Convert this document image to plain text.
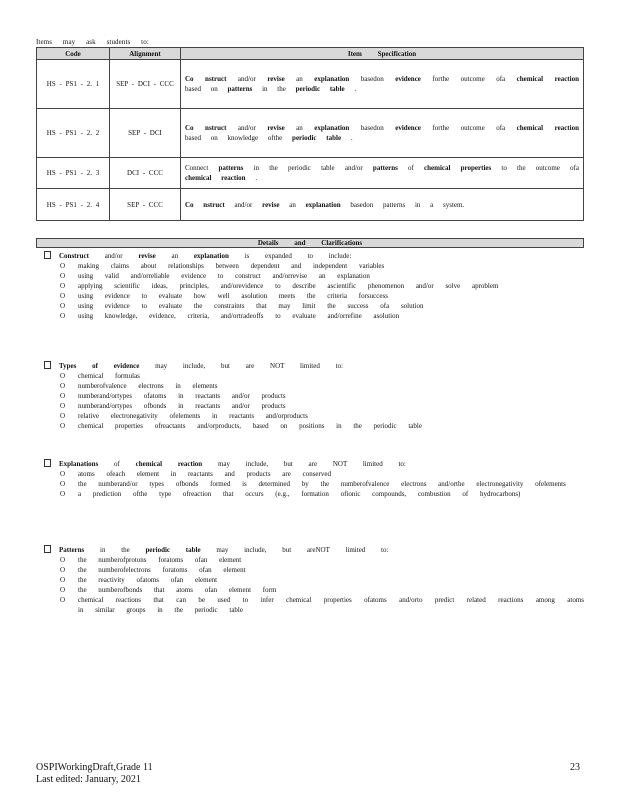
Items may ask students to:
Code	Alignment	Item Specification
HS - PS1 - 2. 1	SEP - DCI - CCC	Co nstruct and/or revise an explanation basedon evidence forthe outcome ofa chemical reaction based on patterns in the periodic table .
HS - PS1 - 2. 2	SEP - DCI	Co nstruct and/or revise an explanation basedon evidence forthe outcome ofa chemical reaction based on knowledge ofthe periodic table .
HS - PS1 - 2. 3	DCI - CCC	Connect patterns in the periodic table and/or patterns of chemical properties to the outcome ofa chemical reaction .
HS - PS1 - 2. 4	SEP - CCC	Co nstruct and/or revise an explanation basedon patterns in a system.
Details and Clarifications
Construct and/or revise an explanation is expanded to include:
O making claims about relationships between dependent and independent variables
O using valid and/orreliable evidence to construct and/orrevise an explanation
O applying scientific ideas, principles, and/orevidence to describe ascientific phenomenon and/or solve aproblem
O using evidence to evaluate how well asolution meets the criteria forsuccess
O using evidence to evaluate the constraints that may limit the success ofa solution
O using knowledge, evidence, criteria, and/ortradeoffs to evaluate and/orrefine asolution
Types of evidence may include, but are NOT limited to:
O chemical formulas
O numberofvalence electrons in elements
O numberand/ortypes ofatoms in reactants and/or products
O numberand/ortypes ofbonds in reactants and/or products
O relative electronegativity ofelements in reactants and/orproducts
O chemical properties ofreactants and/orproducts, based on positions in the periodic table
Explanations of chemical reaction may include, but are NOT limited to:
O atoms ofeach element in reactants and products are conserved
O the numberand/or types ofbonds formed is determined by the numberofvalence electrons and/orthe electronegativity ofelements
O a prediction ofthe type ofreaction that occurs (e.g., formation ofionic compounds, combustion of hydrocarbons)
Patterns in the periodic table may include, but areNOT limited to:
O the numberofprotons foratoms ofan element
O the numberofelectrons foratoms ofan element
O the reactivity ofatoms ofan element
O the numberofbonds that atoms ofan element form
O chemical reactions that can be used to infer chemical properties ofatoms and/orto predict related reactions among atoms in similar groups in the periodic table
OSPIWorkingDraft,Grade 11
Last edited: January, 2021
23
